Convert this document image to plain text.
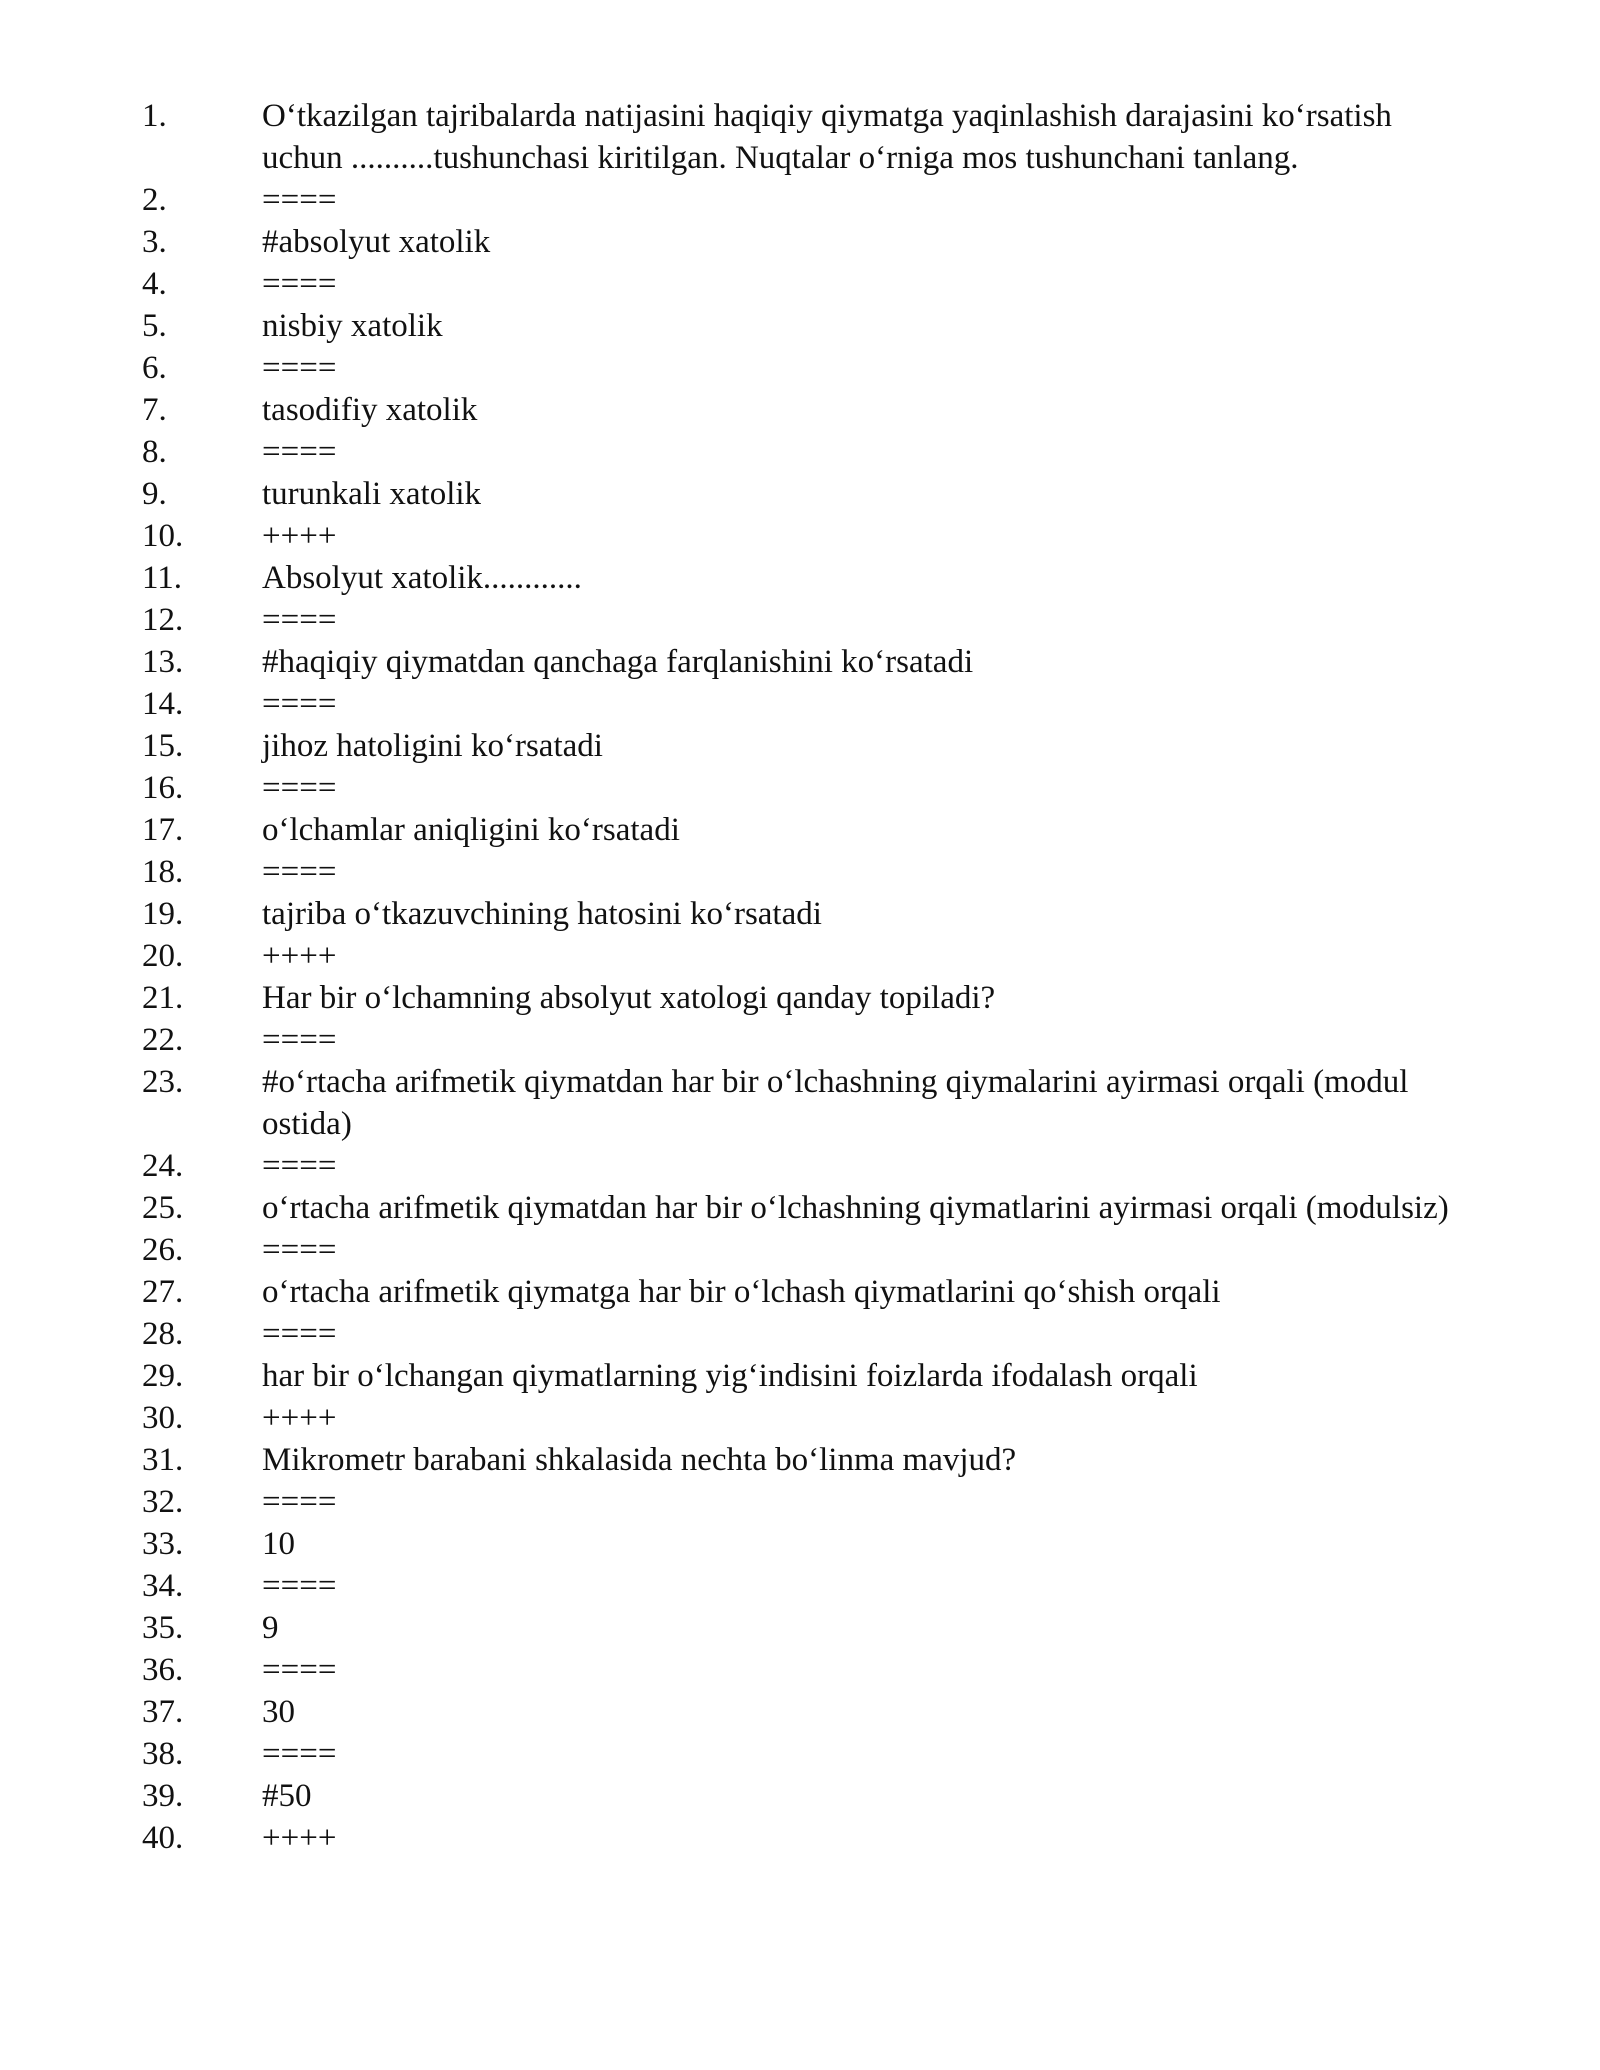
1.	O‘tkazilgan tajribalarda natijasini haqiqiy qiymatga yaqinlashish darajasini ko‘rsatish uchun ..........tushunchasi kiritilgan. Nuqtalar o‘rniga mos tushunchani tanlang.
2.	====
3.	#absolyut xatolik
4.	====
5.	nisbiy xatolik
6.	====
7.	tasodifiy xatolik
8.	====
9.	turunkali xatolik
10.	++++
11.	Absolyut xatolik............
12.	====
13.	#haqiqiy qiymatdan qanchaga farqlanishini ko‘rsatadi
14.	====
15.	jihoz hatoligini ko‘rsatadi
16.	====
17.	o‘lchamlar aniqligini ko‘rsatadi
18.	====
19.	tajriba o‘tkazuvchining hatosini ko‘rsatadi
20.	++++
21.	Har bir o‘lchamning absolyut xatologi qanday topiladi?
22.	====
23.	#o‘rtacha arifmetik qiymatdan har bir o‘lchashning qiymalarini ayirmasi orqali (modul ostida)
24.	====
25.	o‘rtacha arifmetik qiymatdan har bir o‘lchashning qiymatlarini ayirmasi orqali (modulsiz)
26.	====
27.	o‘rtacha arifmetik qiymatga har bir o‘lchash qiymatlarini qo‘shish orqali
28.	====
29.	har bir o‘lchangan qiymatlarning yig‘indisini foizlarda ifodalash orqali
30.	++++
31.	Mikrometr barabani shkalasida nechta bo‘linma mavjud?
32.	====
33.	10
34.	====
35.	9
36.	====
37.	30
38.	====
39.	#50
40.	++++
